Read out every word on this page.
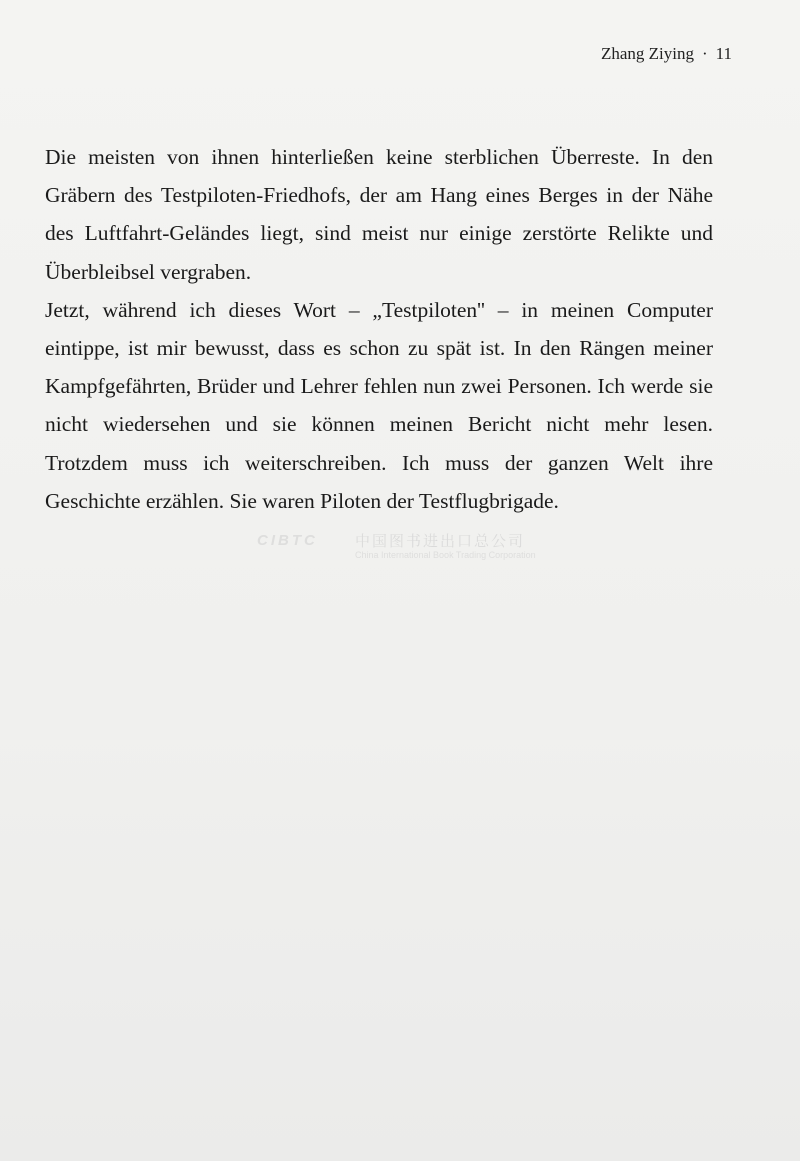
Zhang Ziying · 11

Die meisten von ihnen hinterließen keine sterblichen Überreste. In den Gräbern des Testpiloten-Friedhofs, der am Hang eines Berges in der Nähe des Luftfahrt-Geländes liegt, sind meist nur einige zerstörte Relikte und Überbleibsel vergraben.

Jetzt, während ich dieses Wort – „Testpiloten'' – in meinen Computer eintippe, ist mir bewusst, dass es schon zu spät ist. In den Rängen meiner Kampfgefährten, Brüder und Lehrer fehlen nun zwei Personen. Ich werde sie nicht wiedersehen und sie können meinen Bericht nicht mehr lesen. Trotzdem muss ich weiterschreiben. Ich muss der ganzen Welt ihre Geschichte erzählen. Sie waren Piloten der Testflugbrigade.

CIBTC 中国图书进出口总公司
China International Book Trading Corporation
